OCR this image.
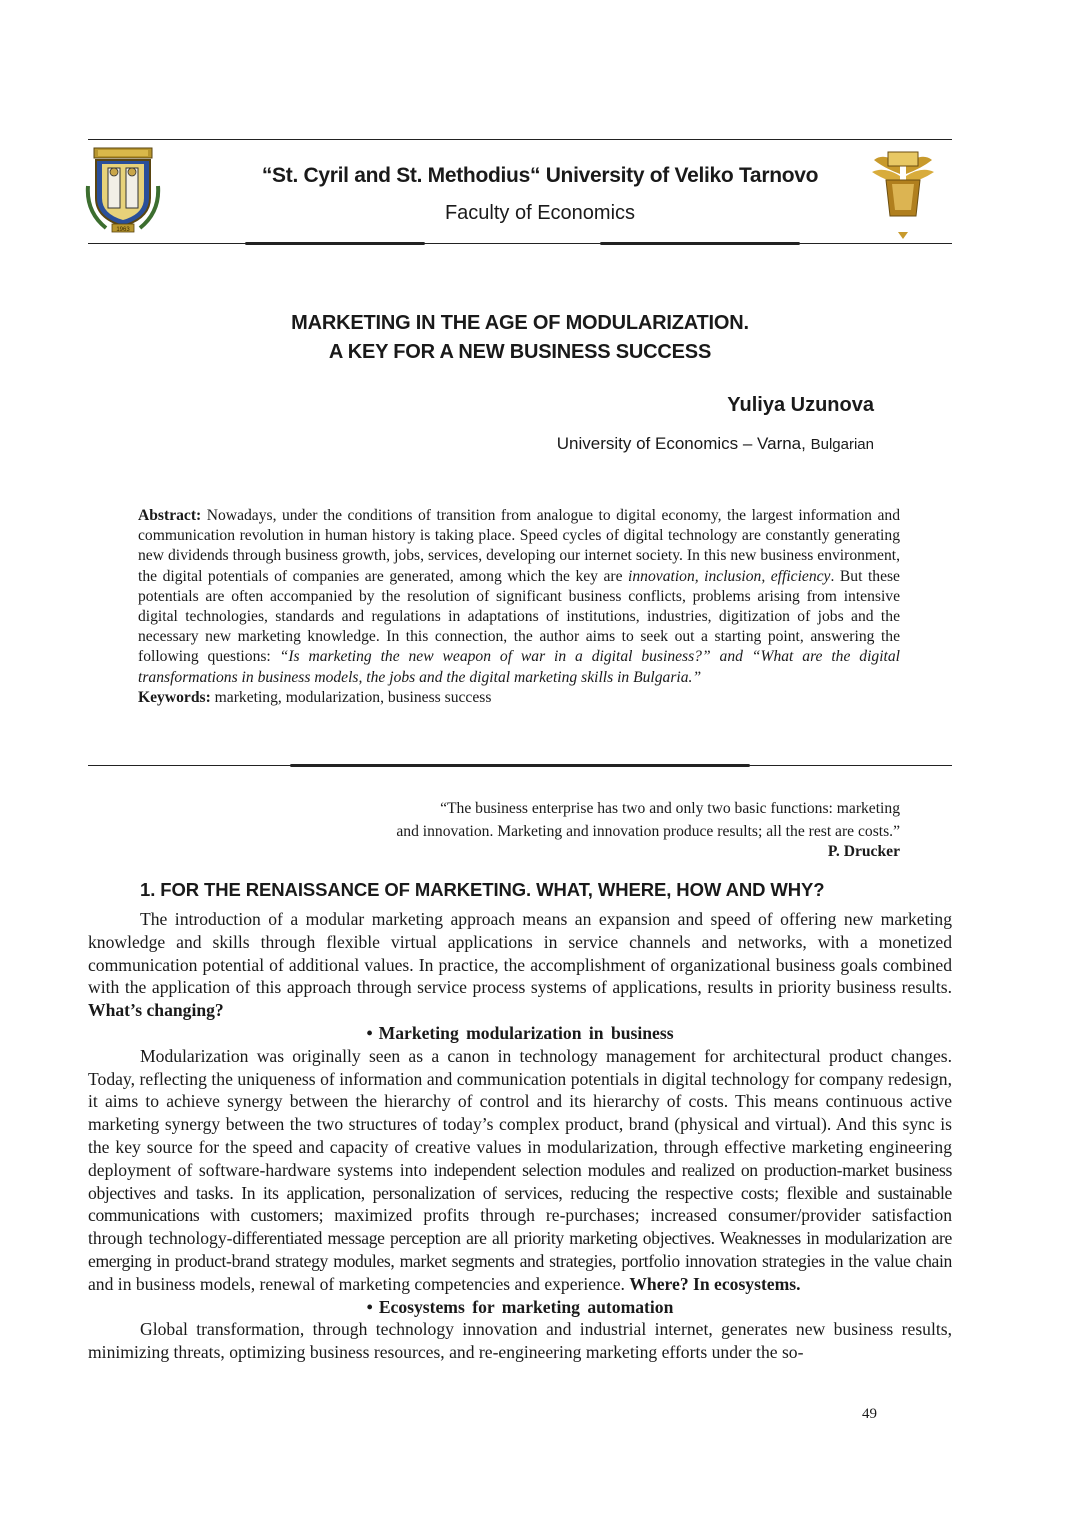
1963
“St. Cyril and St. Methodius“ University of Veliko Tarnovo
Faculty of Economics
MARKETING IN THE AGE OF MODULARIZATION.
A KEY FOR A NEW BUSINESS SUCCESS
Yuliya Uzunova
University of Economics – Varna, Bulgarian
Abstract: Nowadays, under the conditions of transition from analogue to digital economy, the largest information and communication revolution in human history is taking place. Speed cycles of digital technology are constantly generating new dividends through business growth, jobs, services, developing our internet society. In this new business environment, the digital potentials of companies are generated, among which the key are innovation, inclusion, efficiency. But these potentials are often accompanied by the resolution of significant business conflicts, problems arising from intensive digital technologies, standards and regulations in adaptations of institutions, industries, digitization of jobs and the necessary new marketing knowledge. In this connection, the author aims to seek out a starting point, answering the following questions: “Is marketing the new weapon of war in a digital business?” and “What are the digital transformations in business models, the jobs and the digital marketing skills in Bulgaria.”
Keywords: marketing, modularization, business success
“The business enterprise has two and only two basic functions: marketing
and innovation. Marketing and innovation produce results; all the rest are costs.”
P. Drucker
1. FOR THE RENAISSANCE OF MARKETING. WHAT, WHERE, HOW AND WHY?

The introduction of a modular marketing approach means an expansion and speed of offering new marketing knowledge and skills through flexible virtual applications in service channels and networks, with a monetized communication potential of additional values. In practice, the accomplishment of organizational business goals combined with the application of this approach through service process systems of applications, results in priority business results. What’s changing?

• Marketing modularization in business

Modularization was originally seen as a canon in technology management for architectural product changes. Today, reflecting the uniqueness of information and communication potentials in digital technology for company redesign, it aims to achieve synergy between the hierarchy of control and its hierarchy of costs. This means continuous active marketing synergy between the two structures of today’s complex product, brand (physical and virtual). And this sync is the key source for the speed and capacity of creative values in modularization, through effective marketing engineering deployment of software-hardware systems into independent selection modules and realized on production-market business objectives and tasks. In its application, personalization of services, reducing the respective costs; flexible and sustainable communications with customers; maximized profits through re-purchases; increased consumer/provider satisfaction through technology-differentiated message perception are all priority marketing objectives. Weaknesses in modularization are emerging in product-brand strategy modules, market segments and strategies, portfolio innovation strategies in the value chain and in business models, renewal of marketing competencies and experience. Where? In ecosystems.

• Ecosystems for marketing automation

Global transformation, through technology innovation and industrial internet, generates new business results, minimizing threats, optimizing business resources, and re-engineering marketing efforts under the so-

49
